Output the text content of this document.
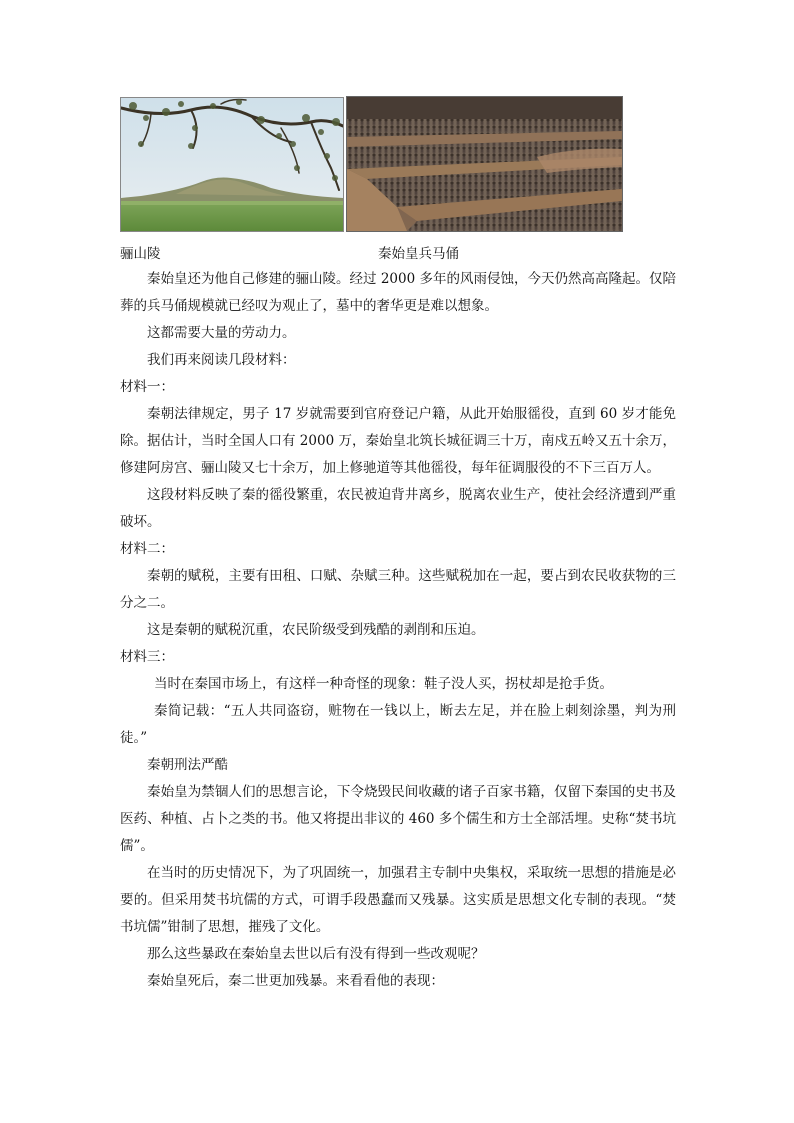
骊山陵	秦始皇兵马俑

秦始皇还为他自己修建的骊山陵。经过 2000 多年的风雨侵蚀，今天仍然高高隆起。仅陪葬的兵马俑规模就已经叹为观止了，墓中的奢华更是难以想象。

这都需要大量的劳动力。

我们再来阅读几段材料：

材料一：

秦朝法律规定，男子 17 岁就需要到官府登记户籍，从此开始服徭役，直到 60 岁才能免除。据估计，当时全国人口有 2000 万，秦始皇北筑长城征调三十万，南戍五岭又五十余万，修建阿房宫、骊山陵又七十余万，加上修驰道等其他徭役，每年征调服役的不下三百万人。

这段材料反映了秦的徭役繁重，农民被迫背井离乡，脱离农业生产，使社会经济遭到严重破坏。

材料二：

秦朝的赋税，主要有田租、口赋、杂赋三种。这些赋税加在一起，要占到农民收获物的三分之二。

这是秦朝的赋税沉重，农民阶级受到残酷的剥削和压迫。

材料三：

当时在秦国市场上，有这样一种奇怪的现象：鞋子没人买，拐杖却是抢手货。

秦简记载：“五人共同盗窃，赃物在一钱以上，断去左足，并在脸上刺刻涂墨，判为刑徒。”

秦朝刑法严酷

秦始皇为禁锢人们的思想言论，下令烧毁民间收藏的诸子百家书籍，仅留下秦国的史书及医药、种植、占卜之类的书。他又将提出非议的 460 多个儒生和方士全部活埋。史称“焚书坑儒”。

在当时的历史情况下，为了巩固统一，加强君主专制中央集权，采取统一思想的措施是必要的。但采用焚书坑儒的方式，可谓手段愚蠢而又残暴。这实质是思想文化专制的表现。“焚书坑儒”钳制了思想，摧残了文化。

那么这些暴政在秦始皇去世以后有没有得到一些改观呢？

秦始皇死后，秦二世更加残暴。来看看他的表现：
